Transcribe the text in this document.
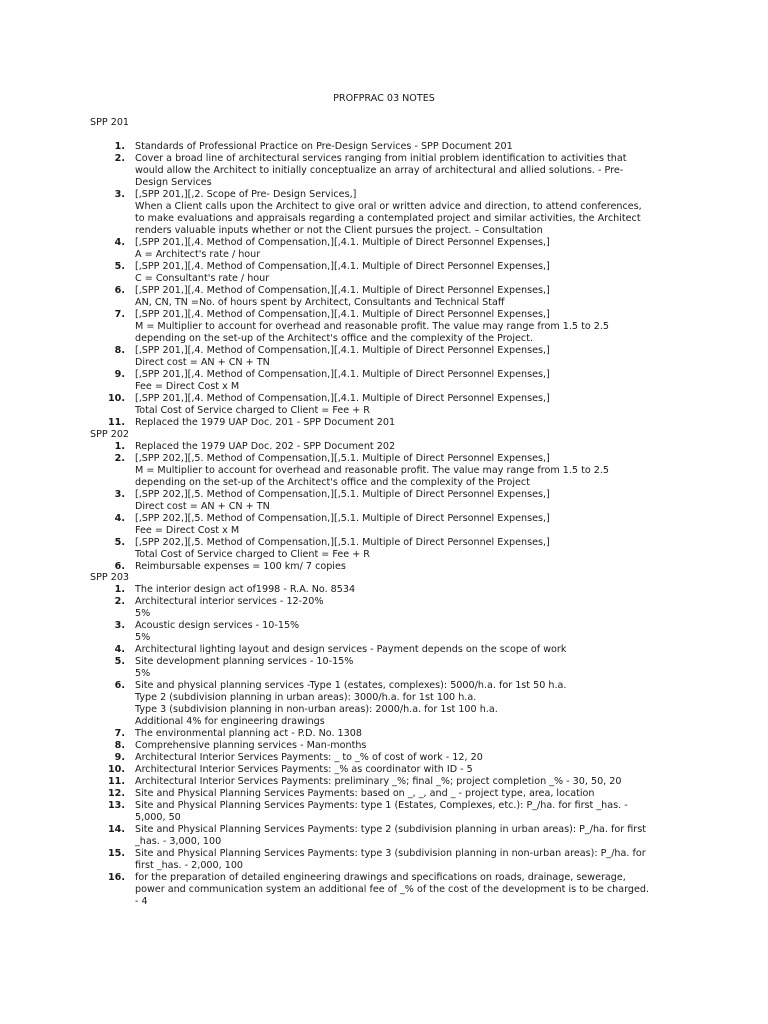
PROFPRAC 03 NOTES
SPP 201
1. Standards of Professional Practice on Pre-Design Services - SPP Document 201
2. Cover a broad line of architectural services ranging from initial problem identification to activities that
would allow the Architect to initially conceptualize an array of architectural and allied solutions. - Pre-
Design Services
3. [,SPP 201,][,2. Scope of Pre- Design Services,]
When a Client calls upon the Architect to give oral or written advice and direction, to attend conferences,
to make evaluations and appraisals regarding a contemplated project and similar activities, the Architect
renders valuable inputs whether or not the Client pursues the project. – Consultation
4. [,SPP 201,][,4. Method of Compensation,][,4.1. Multiple of Direct Personnel Expenses,]
A = Architect's rate / hour
5. [,SPP 201,][,4. Method of Compensation,][,4.1. Multiple of Direct Personnel Expenses,]
C = Consultant's rate / hour
6. [,SPP 201,][,4. Method of Compensation,][,4.1. Multiple of Direct Personnel Expenses,]
AN, CN, TN =No. of hours spent by Architect, Consultants and Technical Staff
7. [,SPP 201,][,4. Method of Compensation,][,4.1. Multiple of Direct Personnel Expenses,]
M = Multiplier to account for overhead and reasonable profit. The value may range from 1.5 to 2.5
depending on the set-up of the Architect's office and the complexity of the Project.
8. [,SPP 201,][,4. Method of Compensation,][,4.1. Multiple of Direct Personnel Expenses,]
Direct cost = AN + CN + TN
9. [,SPP 201,][,4. Method of Compensation,][,4.1. Multiple of Direct Personnel Expenses,]
Fee = Direct Cost x M
10. [,SPP 201,][,4. Method of Compensation,][,4.1. Multiple of Direct Personnel Expenses,]
Total Cost of Service charged to Client = Fee + R
11. Replaced the 1979 UAP Doc. 201 - SPP Document 201
SPP 202
1. Replaced the 1979 UAP Doc. 202 - SPP Document 202
2. [,SPP 202,][,5. Method of Compensation,][,5.1. Multiple of Direct Personnel Expenses,]
M = Multiplier to account for overhead and reasonable profit. The value may range from 1.5 to 2.5
depending on the set-up of the Architect's office and the complexity of the Project
3. [,SPP 202,][,5. Method of Compensation,][,5.1. Multiple of Direct Personnel Expenses,]
Direct cost = AN + CN + TN
4. [,SPP 202,][,5. Method of Compensation,][,5.1. Multiple of Direct Personnel Expenses,]
Fee = Direct Cost x M
5. [,SPP 202,][,5. Method of Compensation,][,5.1. Multiple of Direct Personnel Expenses,]
Total Cost of Service charged to Client = Fee + R
6. Reimbursable expenses = 100 km/ 7 copies
SPP 203
1. The interior design act of1998 - R.A. No. 8534
2. Architectural interior services - 12-20%
5%
3. Acoustic design services - 10-15%
5%
4. Architectural lighting layout and design services - Payment depends on the scope of work
5. Site development planning services - 10-15%
5%
6. Site and physical planning services -Type 1 (estates, complexes): 5000/h.a. for 1st 50 h.a.
Type 2 (subdivision planning in urban areas): 3000/h.a. for 1st 100 h.a.
Type 3 (subdivision planning in non-urban areas): 2000/h.a. for 1st 100 h.a.
Additional 4% for engineering drawings
7. The environmental planning act - P.D. No. 1308
8. Comprehensive planning services - Man-months
9. Architectural Interior Services Payments: _ to _% of cost of work - 12, 20
10. Architectural Interior Services Payments: _% as coordinator with ID - 5
11. Architectural Interior Services Payments: preliminary _%; final _%; project completion _% - 30, 50, 20
12. Site and Physical Planning Services Payments: based on _, _, and _ - project type, area, location
13. Site and Physical Planning Services Payments: type 1 (Estates, Complexes, etc.): P_/ha. for first _has. -
5,000, 50
14. Site and Physical Planning Services Payments: type 2 (subdivision planning in urban areas): P_/ha. for first
_has. - 3,000, 100
15. Site and Physical Planning Services Payments: type 3 (subdivision planning in non-urban areas): P_/ha. for
first _has. - 2,000, 100
16. for the preparation of detailed engineering drawings and specifications on roads, drainage, sewerage,
power and communication system an additional fee of _% of the cost of the development is to be charged.
- 4
